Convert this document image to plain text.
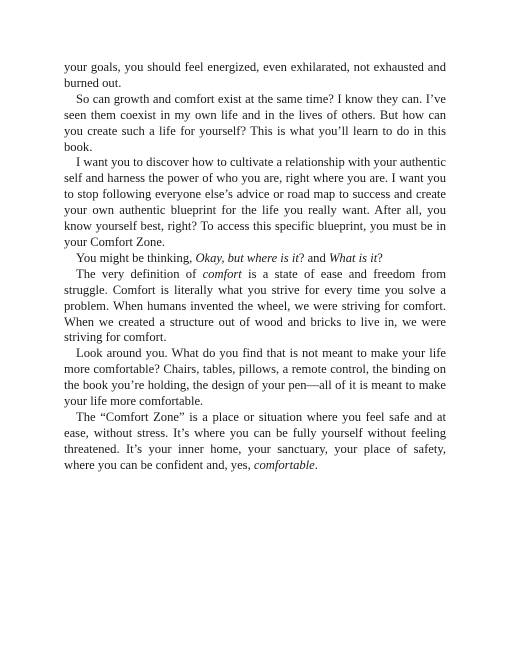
your goals, you should feel energized, even exhilarated, not exhausted and burned out.

So can growth and comfort exist at the same time? I know they can. I’ve seen them coexist in my own life and in the lives of others. But how can you create such a life for yourself? This is what you’ll learn to do in this book.

I want you to discover how to cultivate a relationship with your authentic self and harness the power of who you are, right where you are. I want you to stop following everyone else’s advice or road map to success and create your own authentic blueprint for the life you really want. After all, you know yourself best, right? To access this specific blueprint, you must be in your Comfort Zone.

You might be thinking, Okay, but where is it? and What is it?

The very definition of comfort is a state of ease and freedom from struggle. Comfort is literally what you strive for every time you solve a problem. When humans invented the wheel, we were striving for comfort. When we created a structure out of wood and bricks to live in, we were striving for comfort.

Look around you. What do you find that is not meant to make your life more comfortable? Chairs, tables, pillows, a remote control, the binding on the book you’re holding, the design of your pen—all of it is meant to make your life more comfortable.

The “Comfort Zone” is a place or situation where you feel safe and at ease, without stress. It’s where you can be fully yourself without feeling threatened. It’s your inner home, your sanctuary, your place of safety, where you can be confident and, yes, comfortable.
